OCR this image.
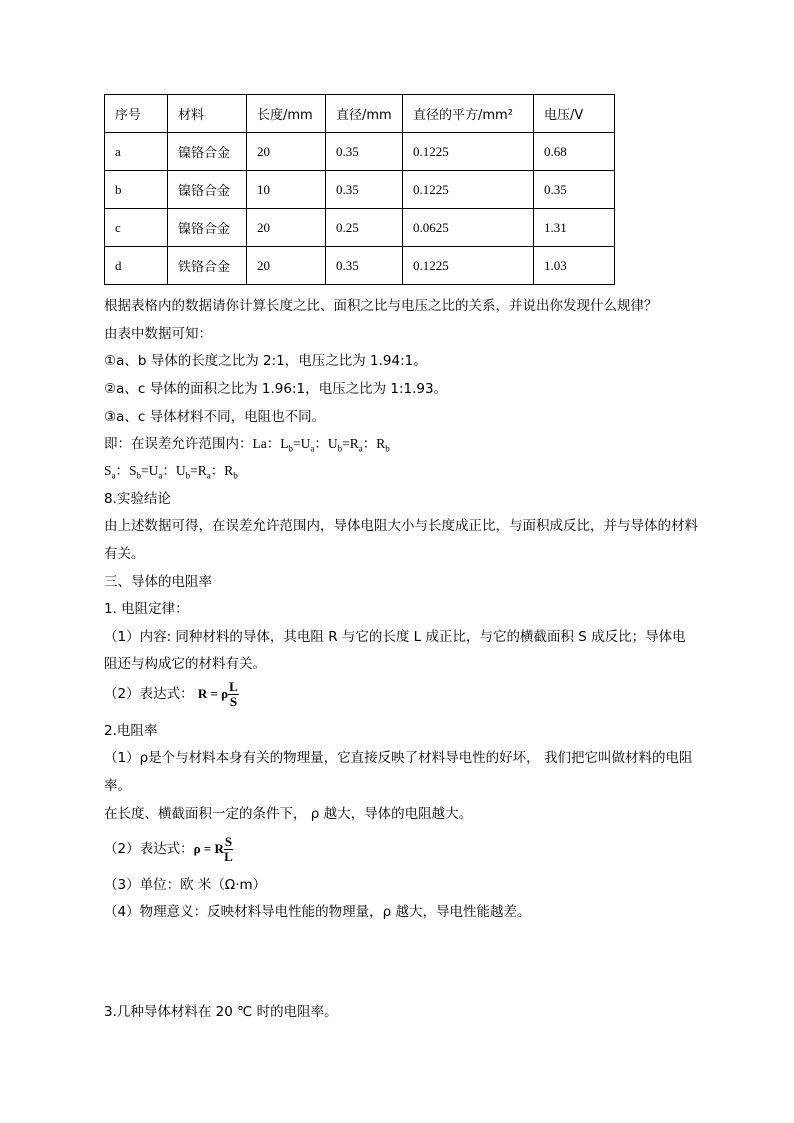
序号	材料	长度/mm	直径/mm	直径的平方/mm²	电压/V
a	镍铬合金	20	0.35	0.1225	0.68
b	镍铬合金	10	0.35	0.1225	0.35
c	镍铬合金	20	0.25	0.0625	1.31
d	铁铬合金	20	0.35	0.1225	1.03
根据表格内的数据请你计算长度之比、面积之比与电压之比的关系，并说出你发现什么规律？
由表中数据可知：
①a、b 导体的长度之比为 2:1，电压之比为 1.94:1。
②a、c 导体的面积之比为 1.96:1，电压之比为 1:1.93。
③a、c 导体材料不同，电阻也不同。
即：在误差允许范围内：La：$L_b=U_a$：$U_b=R_a$：$R_b$
$S_a$：$S_b=U_a$：$U_b=R_a$：$R_b$
8.实验结论
由上述数据可得，在误差允许范围内，导体电阻大小与长度成正比，与面积成反比，并与导体的材料
有关。
三、导体的电阻率
1. 电阻定律：
（1）内容: 同种材料的导体，其电阻 R 与它的长度 L 成正比，与它的横截面积 S 成反比；导体电
阻还与构成它的材料有关。
（2）表达式： R = ρ $\frac{L}{S}$
2.电阻率
（1）ρ是个与材料本身有关的物理量，它直接反映了材料导电性的好坏， 我们把它叫做材料的电阻
率。
在长度、横截面积一定的条件下， ρ 越大，导体的电阻越大。
（2）表达式：ρ = R $\frac{S}{L}$
（3）单位：欧 米（Ω·m）
（4）物理意义：反映材料导电性能的物理量，ρ 越大，导电性能越差。
3.几种导体材料在 20 ℃ 时的电阻率。
